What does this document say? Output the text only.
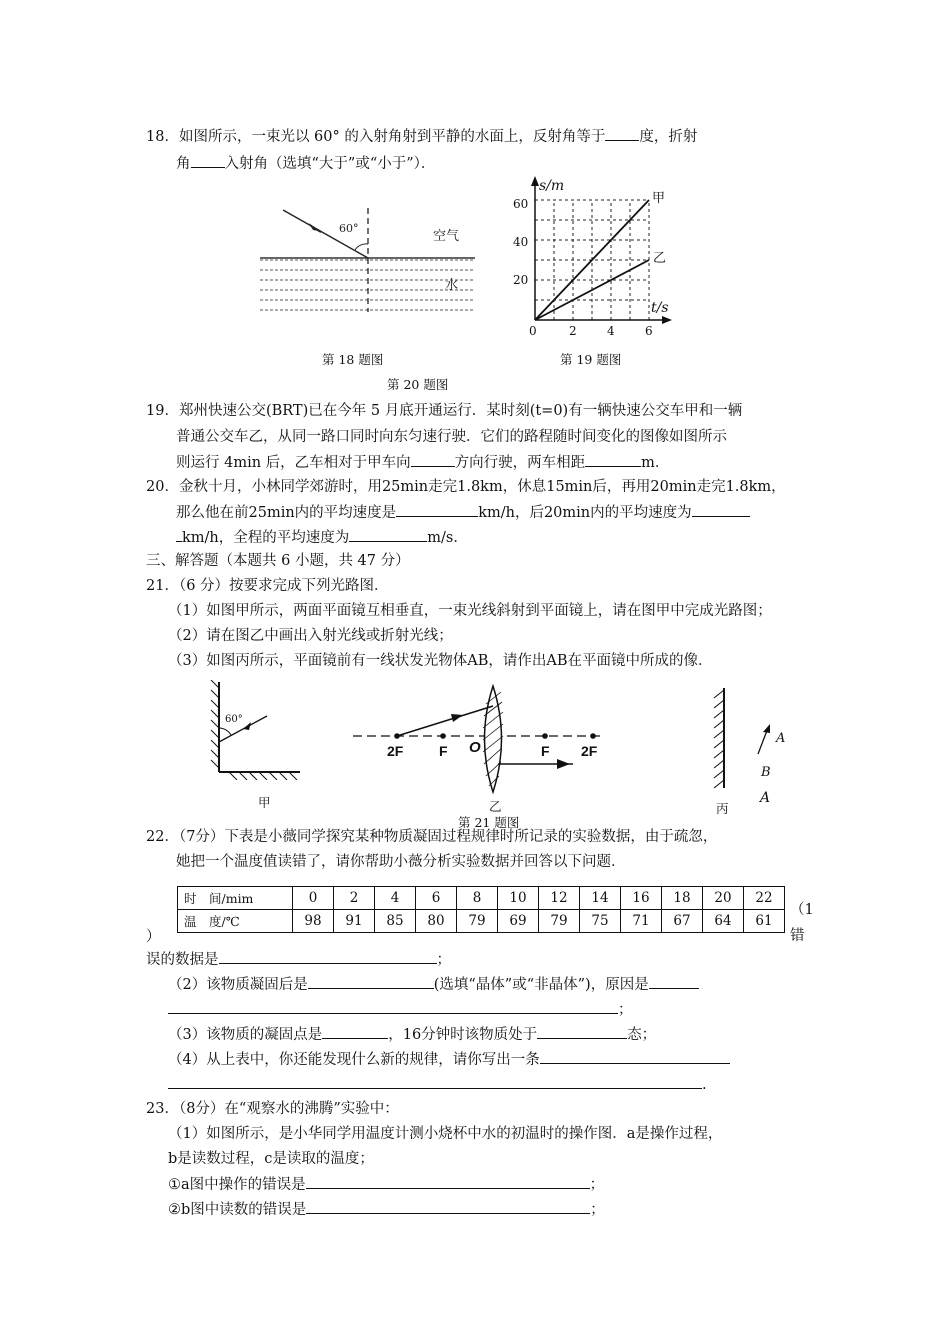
18．如图所示，一束光以 60° 的入射角射到平静的水面上，反射角等于 度，折射
角 入射角（选填“大于”或“小于”）．
60°
空气
水
s/m
t/s
60
40
20
0	2	4	6
甲
乙
第 18 题图	第 19 题图
第 20 题图
19．郑州快速公交(BRT)已在今年 5 月底开通运行．某时刻(t=0)有一辆快速公交车甲和一辆
普通公交车乙，从同一路口同时向东匀速行驶．它们的路程随时间变化的图像如图所示
则运行 4min 后，乙车相对于甲车向	方向行驶，两车相距	m．
20．金秋十月，小林同学郊游时，用25min走完1.8km，休息15min后，再用20min走完1.8km，
那么他在前25min内的平均速度是	km/h，后20min内的平均速度为
km/h，全程的平均速度为	m/s．
三、解答题（本题共 6 小题，共 47 分）
21．（6 分）按要求完成下列光路图．
（1）如图甲所示，两面平面镜互相垂直，一束光线斜射到平面镜上，请在图甲中完成光路图；
（2）请在图乙中画出入射光线或折射光线；
（3）如图丙所示，平面镜前有一线状发光物体AB，请作出AB在平面镜中所成的像．
60°
甲
2F	F O	F 2F
乙
第 21 题图
A
B
A
丙
22．（7分）下表是小薇同学探究某种物质凝固过程规律时所记录的实验数据，由于疏忽，
她把一个温度值读错了，请你帮助小薇分析实验数据并回答以下问题．
时　间/mim	0	2	4	6	8	10	12	14	16	18	20	22
温　度/℃	98	91	85	80	79	69	79	75	71	67	64	61
（1
错
）
误的数据是	；
（2）该物质凝固后是	(选填“晶体”或“非晶体”)，原因是
；
（3）该物质的凝固点是	，16分钟时该物质处于	态；
（4）从上表中，你还能发现什么新的规律，请你写出一条
.
23．（8分）在“观察水的沸腾”实验中：
（1）如图所示，是小华同学用温度计测小烧杯中水的初温时的操作图．a是操作过程，
b是读数过程，c是读取的温度；
①a图中操作的错误是	；
②b图中读数的错误是	；
